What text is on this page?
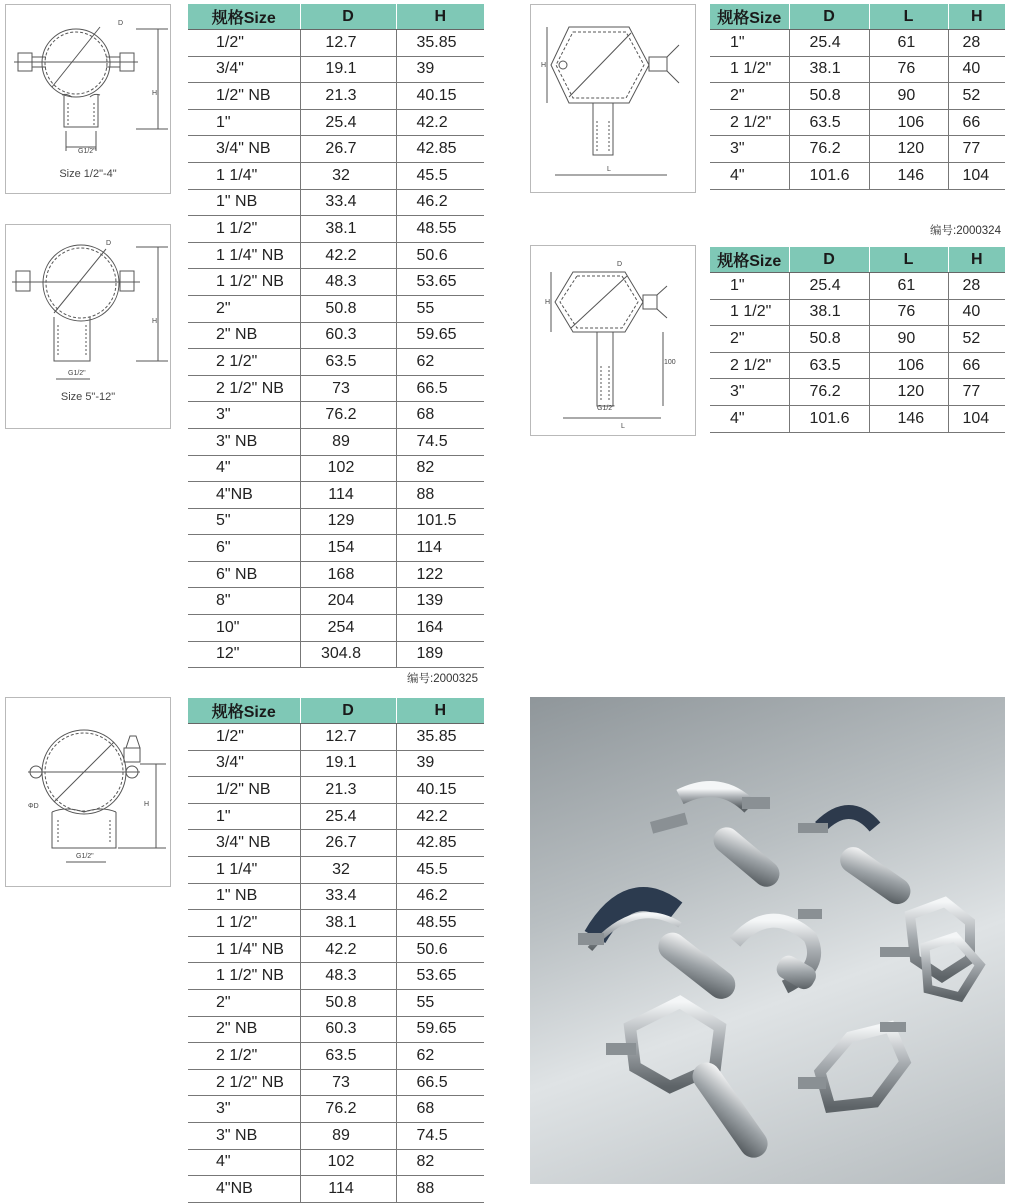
D
H
G1/2"
Size 1/2"-4"
D
H
G1/2"
Size 5"-12"
H
L
H
D
100
G1/2"
L
ΦD	H
G1/2"
规格Size	D	H
1/2"	12.7	35.85
3/4"	19.1	39
1/2" NB	21.3	40.15
1"	25.4	42.2
3/4" NB	26.7	42.85
1 1/4"	32	45.5
1" NB	33.4	46.2
1 1/2"	38.1	48.55
1 1/4" NB	42.2	50.6
1 1/2" NB	48.3	53.65
2"	50.8	55
2" NB	60.3	59.65
2 1/2"	63.5	62
2 1/2" NB	73	66.5
3"	76.2	68
3" NB	89	74.5
4"	102	82
4"NB	114	88
5"	129	101.5
6"	154	114
6" NB	168	122
8"	204	139
10"	254	164
12"	304.8	189
规格Size	D	L	H
1"	25.4	61	28
1 1/2"	38.1	76	40
2"	50.8	90	52
2 1/2"	63.5	106	66
3"	76.2	120	77
4"	101.6	146	104
编号:2000324
规格Size	D	L	H
1"	25.4	61	28
1 1/2"	38.1	76	40
2"	50.8	90	52
2 1/2"	63.5	106	66
3"	76.2	120	77
4"	101.6	146	104
编号:2000325
规格Size	D	H
1/2"	12.7	35.85
3/4"	19.1	39
1/2" NB	21.3	40.15
1"	25.4	42.2
3/4" NB	26.7	42.85
1 1/4"	32	45.5
1" NB	33.4	46.2
1 1/2"	38.1	48.55
1 1/4" NB	42.2	50.6
1 1/2" NB	48.3	53.65
2"	50.8	55
2" NB	60.3	59.65
2 1/2"	63.5	62
2 1/2" NB	73	66.5
3"	76.2	68
3" NB	89	74.5
4"	102	82
4"NB	114	88
